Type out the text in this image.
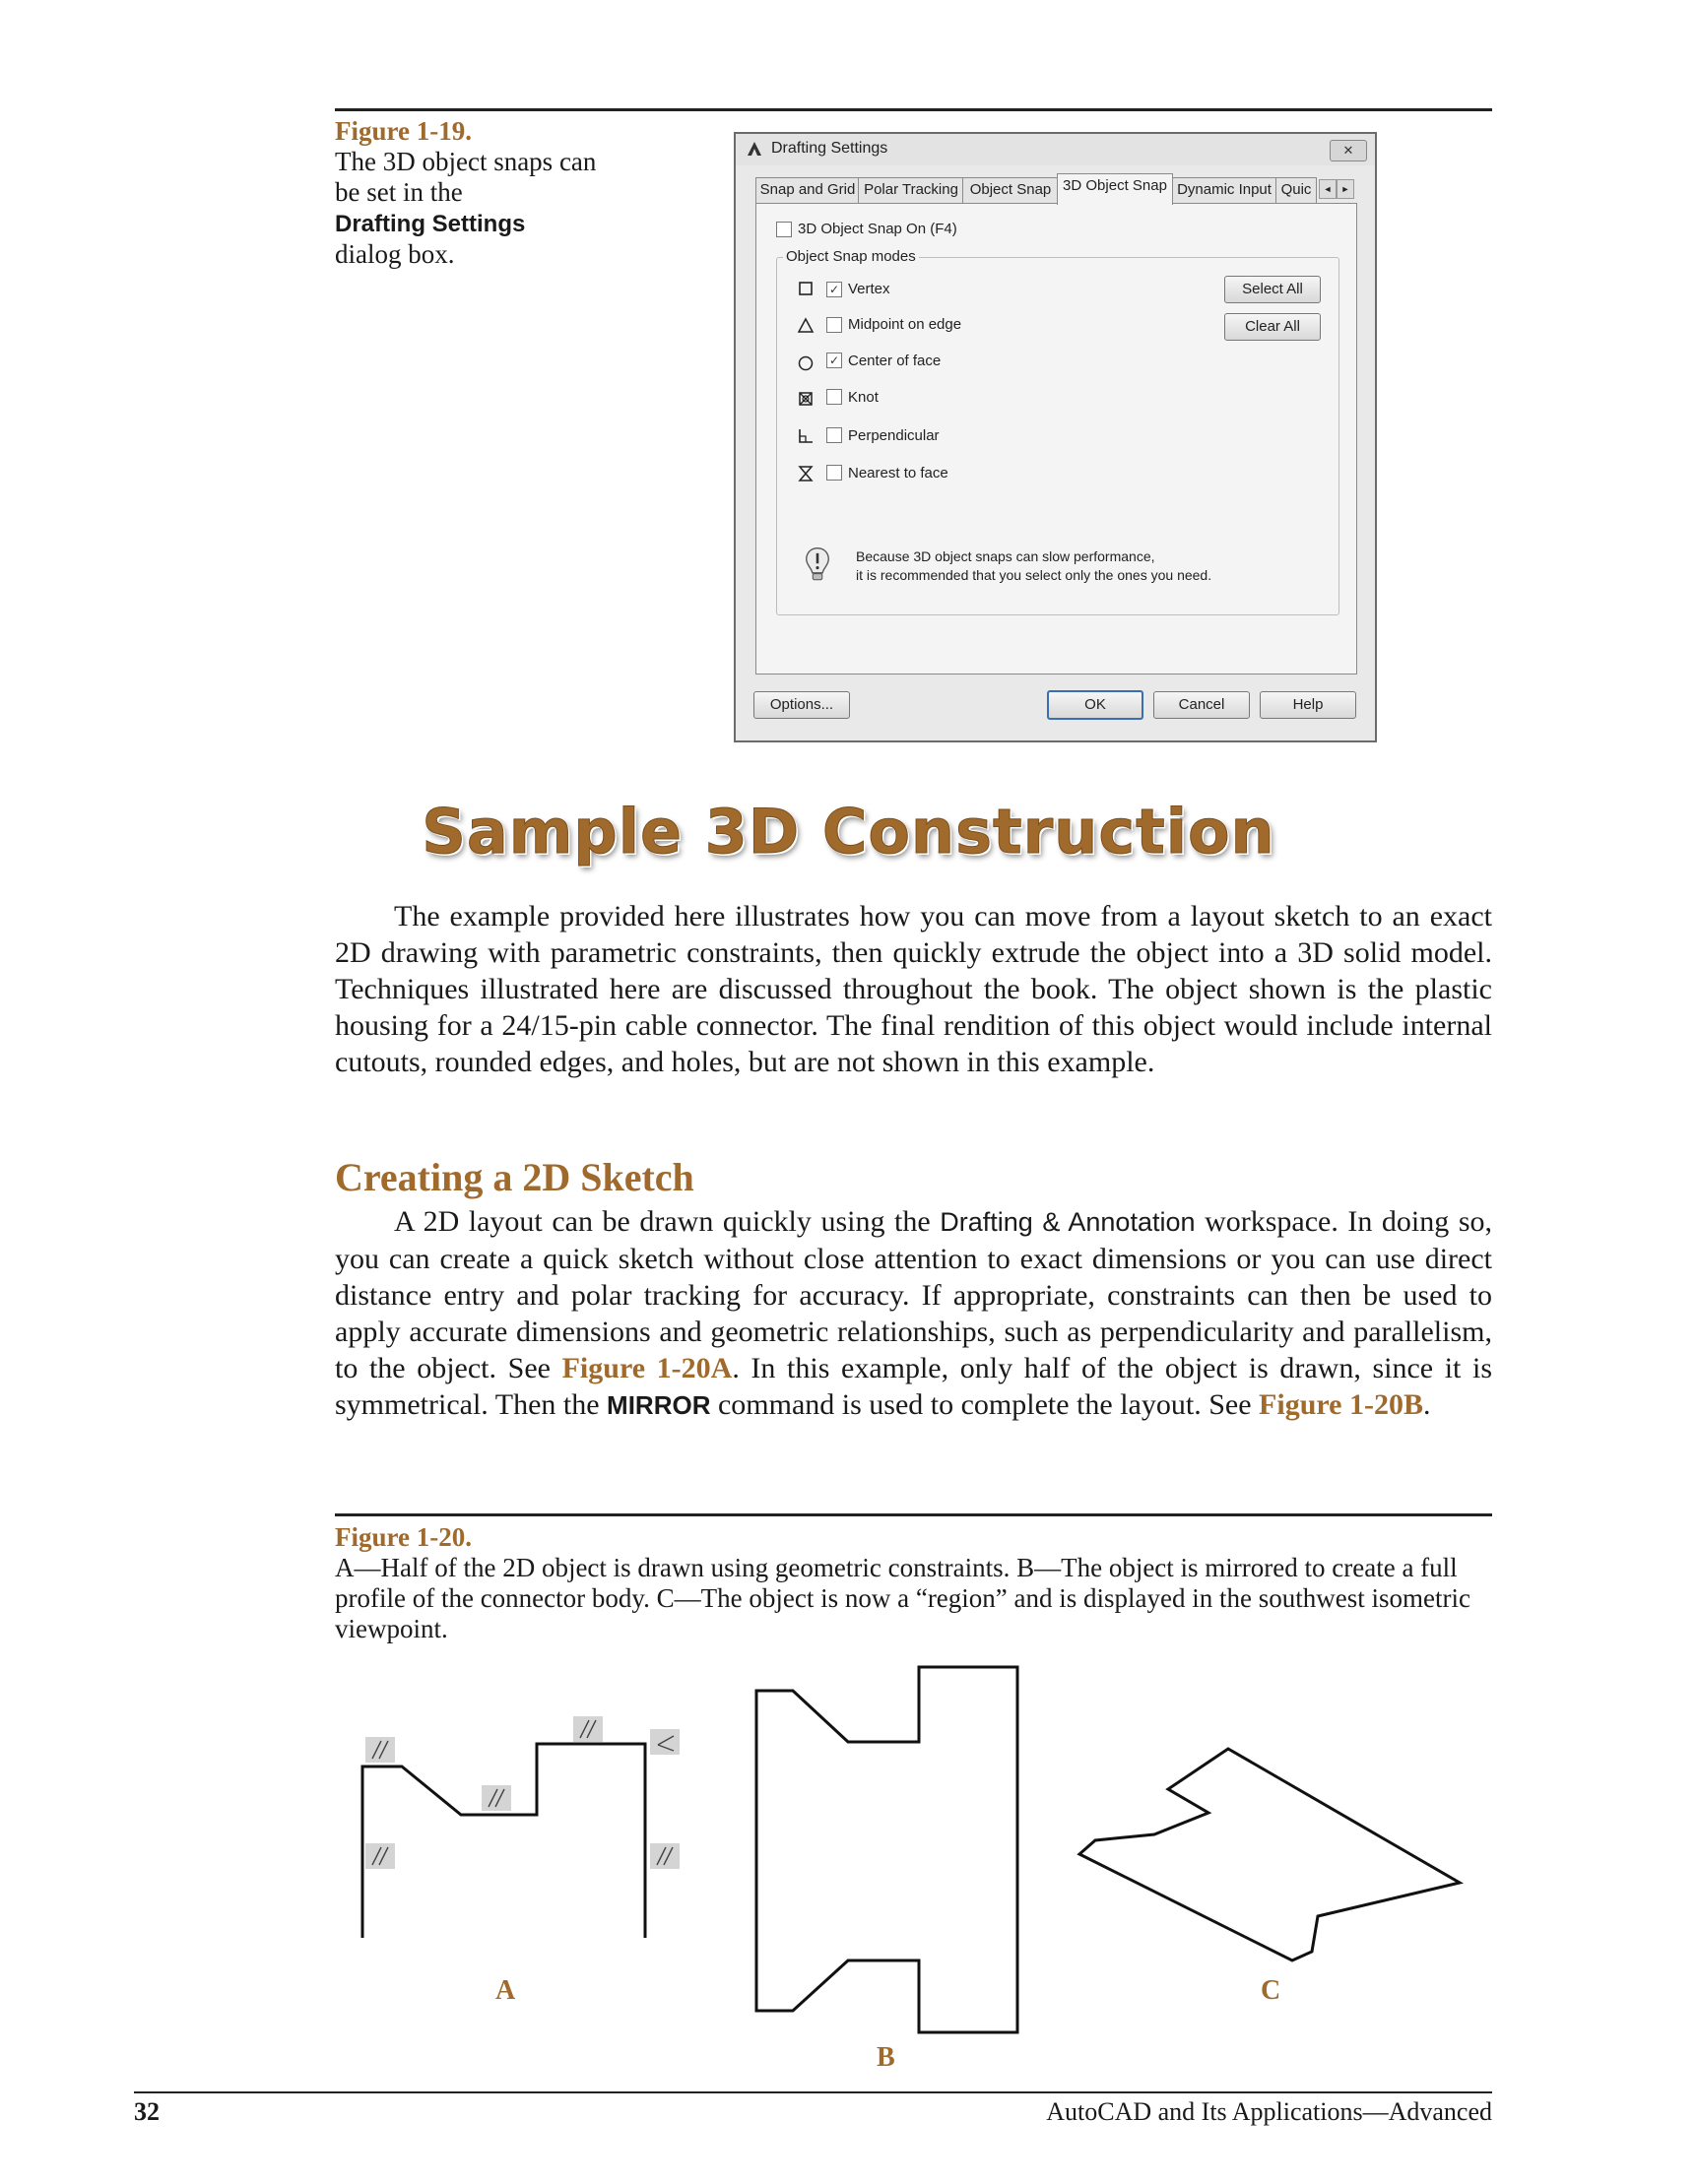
Figure 1-19.
The 3D object snaps can be set in the
Drafting Settings
dialog box.
Drafting Settings	✕
Snap and Grid Polar Tracking Object Snap 3D Object Snap Dynamic Input Quic	◄	►
3D Object Snap On (F4)
Object Snap modes
✓ Vertex
Midpoint on edge
✓ Center of face
Knot
Perpendicular
Nearest to face
Select All
Clear All
Because 3D object snaps can slow performance,
it is recommended that you select only the ones you need.
Options...	OK	Cancel	Help
Sample 3D Construction
The example provided here illustrates how you can move from a layout sketch to an exact 2D drawing with parametric constraints, then quickly extrude the object into a 3D solid model. Techniques illustrated here are discussed throughout the book. The object shown is the plastic housing for a 24/15-pin cable connector. The final rendition of this object would include internal cutouts, rounded edges, and holes, but are not shown in this example.
Creating a 2D Sketch
A 2D layout can be drawn quickly using the Drafting & Annotation workspace. In doing so, you can create a quick sketch without close attention to exact dimensions or you can use direct distance entry and polar tracking for accuracy. If appropriate, constraints can then be used to apply accurate dimensions and geometric relationships, such as perpendicularity and parallelism, to the object. See Figure 1-20A. In this example, only half of the object is drawn, since it is symmetrical. Then the MIRROR command is used to complete the layout. See Figure 1-20B.
Figure 1-20.
A—Half of the 2D object is drawn using geometric constraints. B—The object is mirrored to create a full profile of the connector body. C—The object is now a “region” and is displayed in the southwest isometric viewpoint.
A
B
C
32	AutoCAD and Its Applications—Advanced
